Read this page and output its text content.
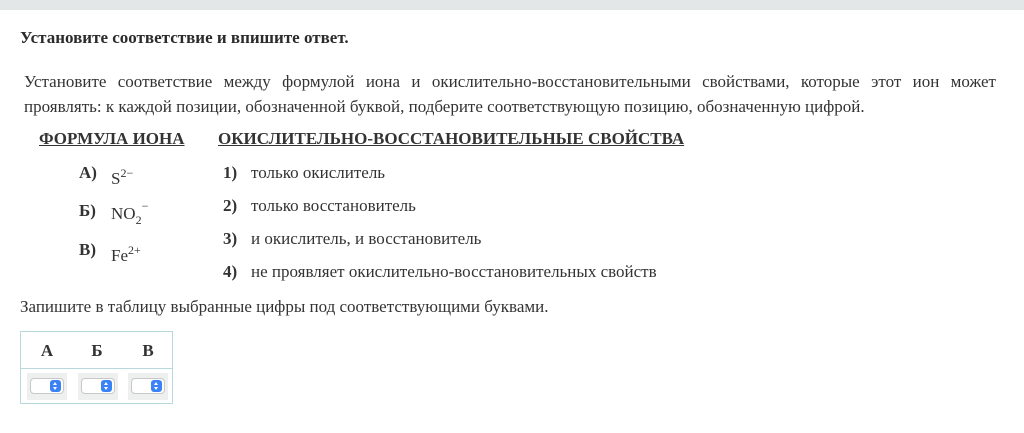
Установите соответствие и впишите ответ.
Установите соответствие между формулой иона и окислительно-восстановительными свойствами, которые этот ион может проявлять: к каждой позиции, обозначенной буквой, подберите соответствующую позицию, обозначенную цифрой.
ФОРМУЛА ИОНА ОКИСЛИТЕЛЬНО-ВОССТАНОВИТЕЛЬНЫЕ СВОЙСТВА
А) $S^{2-}$
Б) $NO_2^-$
В) $Fe^{2+}$
1) только окислитель
2) только восстановитель
3) и окислитель, и восстановитель
4) не проявляет окислительно-восстановительных свойств
Запишите в таблицу выбранные цифры под соответствующими буквами.
А	Б	В
